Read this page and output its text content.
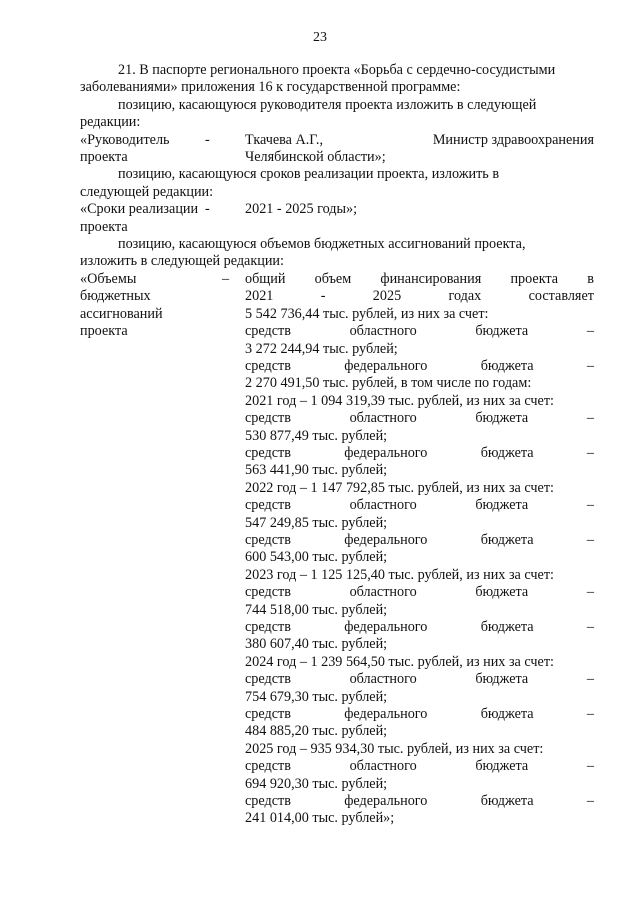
23

21. В паспорте регионального проекта «Борьба с сердечно-сосудистыми

заболеваниями» приложения 16 к государственной программе:

позицию, касающуюся руководителя проекта изложить в следующей

редакции:

«Руководитель
проекта
- Ткачева А.Г.,	Министр здравоохранения
Челябинской области»;

позицию, касающуюся сроков реализации проекта, изложить в

следующей редакции:

«Сроки реализации
проекта
- 2021 - 2025 годы»;

позицию, касающуюся объемов бюджетных ассигнований проекта,

изложить в следующей редакции:

«Объемы
бюджетных
ассигнований
проекта
– общий объем финансирования проекта в
2021	-	2025	годах	составляет
5 542 736,44 тыс. рублей, из них за счет:
средств	областного	бюджета	–
3 272 244,94 тыс. рублей;
средств	федерального	бюджета	–
2 270 491,50 тыс. рублей, в том числе по годам:
2021 год – 1 094 319,39 тыс. рублей, из них за счет:
средств	областного	бюджета	–
530 877,49 тыс. рублей;
средств	федерального	бюджета	–
563 441,90 тыс. рублей;
2022 год – 1 147 792,85 тыс. рублей, из них за счет:
средств	областного	бюджета	–
547 249,85 тыс. рублей;
средств	федерального	бюджета	–
600 543,00 тыс. рублей;
2023 год – 1 125 125,40 тыс. рублей, из них за счет:
средств	областного	бюджета	–
744 518,00 тыс. рублей;
средств	федерального	бюджета	–
380 607,40 тыс. рублей;
2024 год – 1 239 564,50 тыс. рублей, из них за счет:
средств	областного	бюджета	–
754 679,30 тыс. рублей;
средств	федерального	бюджета	–
484 885,20 тыс. рублей;
2025 год – 935 934,30 тыс. рублей, из них за счет:
средств	областного	бюджета	–
694 920,30 тыс. рублей;
средств	федерального	бюджета	–
241 014,00 тыс. рублей»;
